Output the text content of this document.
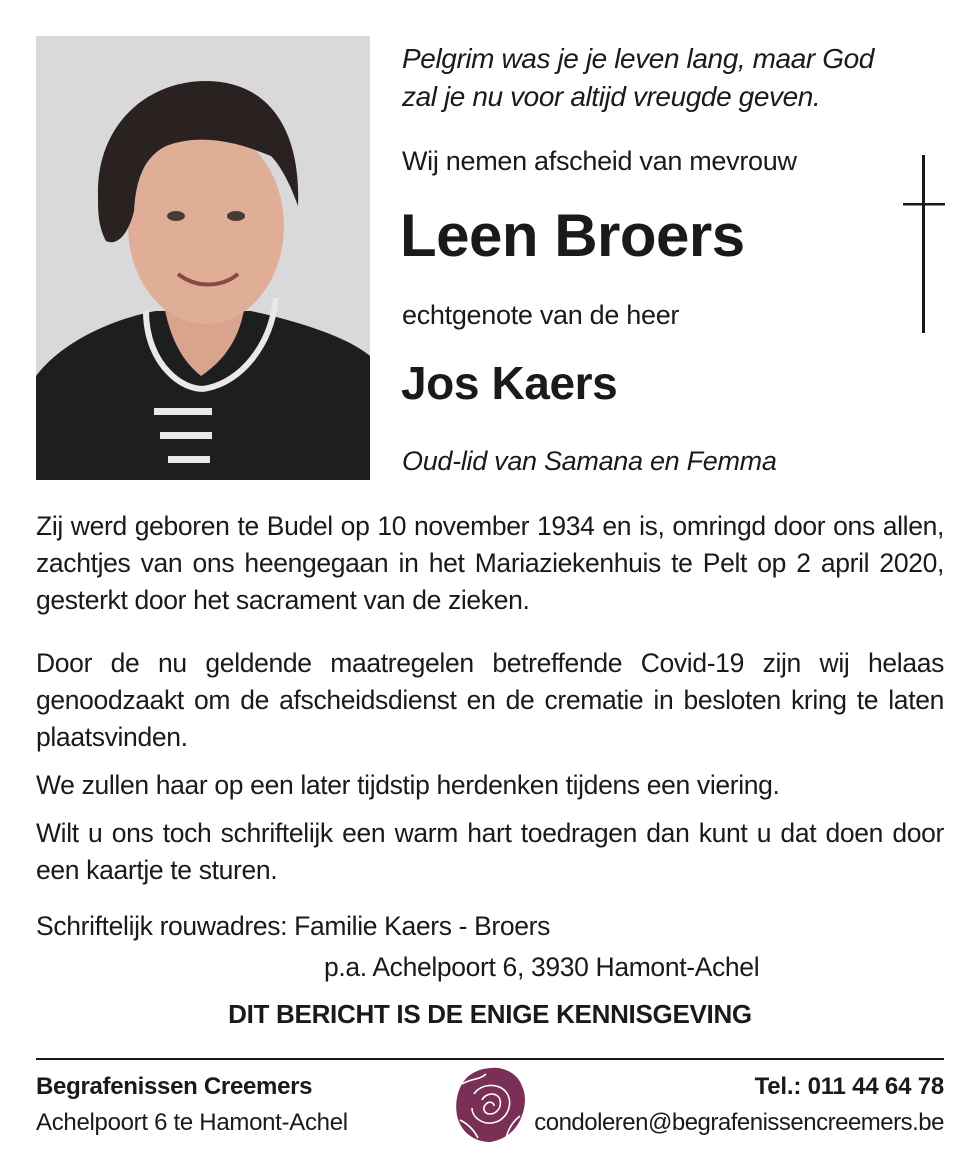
Pelgrim was je je leven lang, maar God
zal je nu voor altijd vreugde geven.
Wij nemen afscheid van mevrouw
Leen Broers
echtgenote van de heer
Jos Kaers
Oud-lid van Samana en Femma
Zij werd geboren te Budel op 10 november 1934 en is, omringd door ons allen, zachtjes van ons heengegaan in het Mariaziekenhuis te Pelt op 2 april 2020, gesterkt door het sacrament van de zieken.
Door de nu geldende maatregelen betreffende Covid-19 zijn wij helaas genoodzaakt om de afscheidsdienst en de crematie in besloten kring te laten plaatsvinden.
We zullen haar op een later tijdstip herdenken tijdens een viering.
Wilt u ons toch schriftelijk een warm hart toedragen dan kunt u dat doen door een kaartje te sturen.
Schriftelijk rouwadres: Familie Kaers - Broers
p.a. Achelpoort 6, 3930 Hamont-Achel
DIT BERICHT IS DE ENIGE KENNISGEVING
Begrafenissen Creemers
Achelpoort 6 te Hamont-Achel
Tel.: 011 44 64 78
condoleren@begrafenissencreemers.be
